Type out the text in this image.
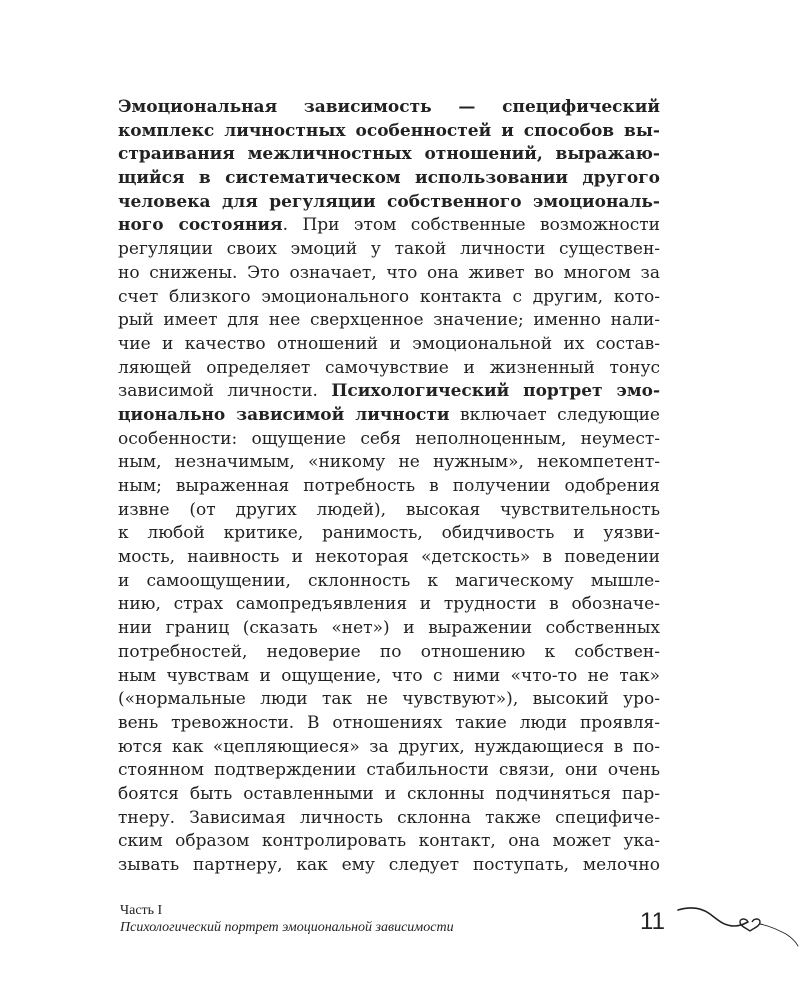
Эмоциональная зависимость — специфический
комплекс личностных особенностей и способов вы-
страивания межличностных отношений, выражаю-
щийся в систематическом использовании другого
человека для регуляции собственного эмоциональ-
ного состояния. При этом собственные возможности
регуляции своих эмоций у такой личности существен-
но снижены. Это означает, что она живет во многом за
счет близкого эмоционального контакта с другим, кото-
рый имеет для нее сверхценное значение; именно нали-
чие и качество отношений и эмоциональной их состав-
ляющей определяет самочувствие и жизненный тонус
зависимой личности. Психологический портрет эмо-
ционально зависимой личности включает следующие
особенности: ощущение себя неполноценным, неумест-
ным, незначимым, «никому не нужным», некомпетент-
ным; выраженная потребность в получении одобрения
извне (от других людей), высокая чувствительность
к любой критике, ранимость, обидчивость и уязви-
мость, наивность и некоторая «детскость» в поведении
и самоощущении, склонность к магическому мышле-
нию, страх самопредъявления и трудности в обозначе-
нии границ (сказать «нет») и выражении собственных
потребностей, недоверие по отношению к собствен-
ным чувствам и ощущение, что с ними «что-то не так»
(«нормальные люди так не чувствуют»), высокий уро-
вень тревожности. В отношениях такие люди проявля-
ются как «цепляющиеся» за других, нуждающиеся в по-
стоянном подтверждении стабильности связи, они очень
боятся быть оставленными и склонны подчиняться пар-
тнеру. Зависимая личность склонна также специфиче-
ским образом контролировать контакт, она может ука-
зывать партнеру, как ему следует поступать, мелочно
Часть I
Психологический портрет эмоциональной зависимости	11
